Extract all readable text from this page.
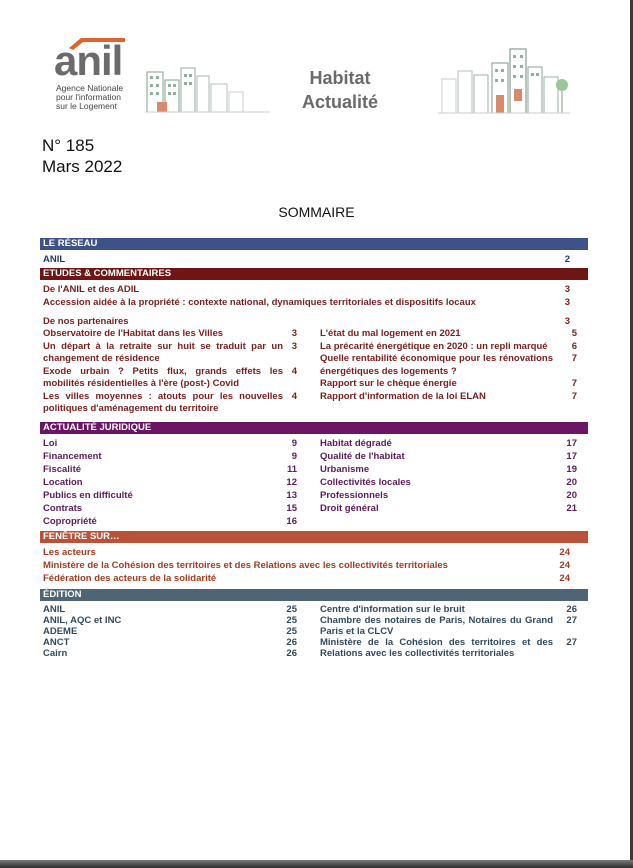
anil
Agence Nationale
pour l'information
sur le Logement
Habitat
Actualité
N° 185
Mars 2022
SOMMAIRE
LE RÉSEAU
ANIL	2
ETUDES & COMMENTAIRES
De l'ANIL et des ADIL	3
Accession aidée à la propriété : contexte national, dynamiques territoriales et dispositifs locaux	3
De nos partenaires	3
Observatoire de l'Habitat dans les Villes	3
Un départ à la retraite sur huit se traduit par un changement de résidence
3
Exode urbain ? Petits flux, grands effets les mobilités résidentielles à l'ère (post-) Covid
4
Les villes moyennes : atouts pour les nouvelles politiques d'aménagement du territoire
4
L'état du mal logement en 2021	5
La précarité énergétique en 2020 : un repli marqué	6
Quelle rentabilité économique pour les rénovations énergétiques des logements ?
7
Rapport sur le chèque énergie	7
Rapport d'information de la loi ELAN	7
ACTUALITÉ JURIDIQUE
Loi	9
Financement	9
Fiscalité	11
Location	12
Publics en difficulté	13
Contrats	15
Copropriété	16
Habitat dégradé	17
Qualité de l'habitat	17
Urbanisme	19
Collectivités locales	20
Professionnels	20
Droit général	21
FENÊTRE SUR…
Les acteurs	24
Ministère de la Cohésion des territoires et des Relations avec les collectivités territoriales	24
Fédération des acteurs de la solidarité	24
ÉDITION
ANIL	25
ANIL, AQC et INC	25
ADEME	25
ANCT	26
Cairn	26
Centre d'information sur le bruit	26
Chambre des notaires de Paris, Notaires du Grand Paris et la CLCV
27
Ministère de la Cohésion des territoires et des Relations avec les collectivités territoriales
27
